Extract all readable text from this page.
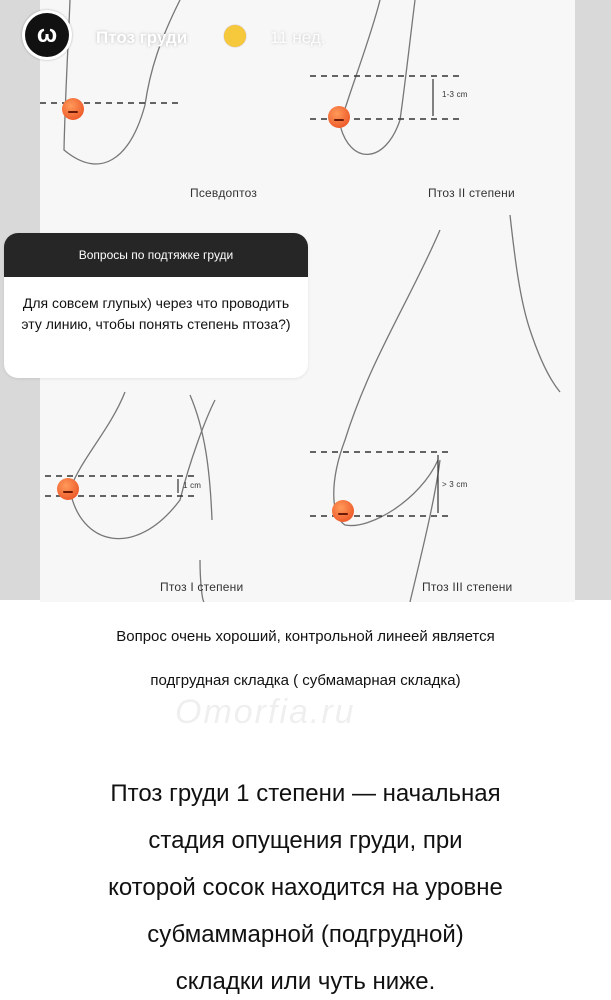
1-3 cm
1 cm	> 3 cm
Псевдоптоз	Птоз II степени
Птоз I степени	Птоз III степени
ω	Птоз груди	11 нед.
Вопросы по подтяжке груди
Для совсем глупых) через что проводить эту линию, чтобы понять степень птоза?)
Вопрос очень хороший, контрольной линеей является
подгрудная складка ( субмамарная складка)
Omorfia.ru
Птоз груди 1 степени — начальная
стадия опущения груди, при
которой сосок находится на уровне
субмаммарной (подгрудной)
складки или чуть ниже.
